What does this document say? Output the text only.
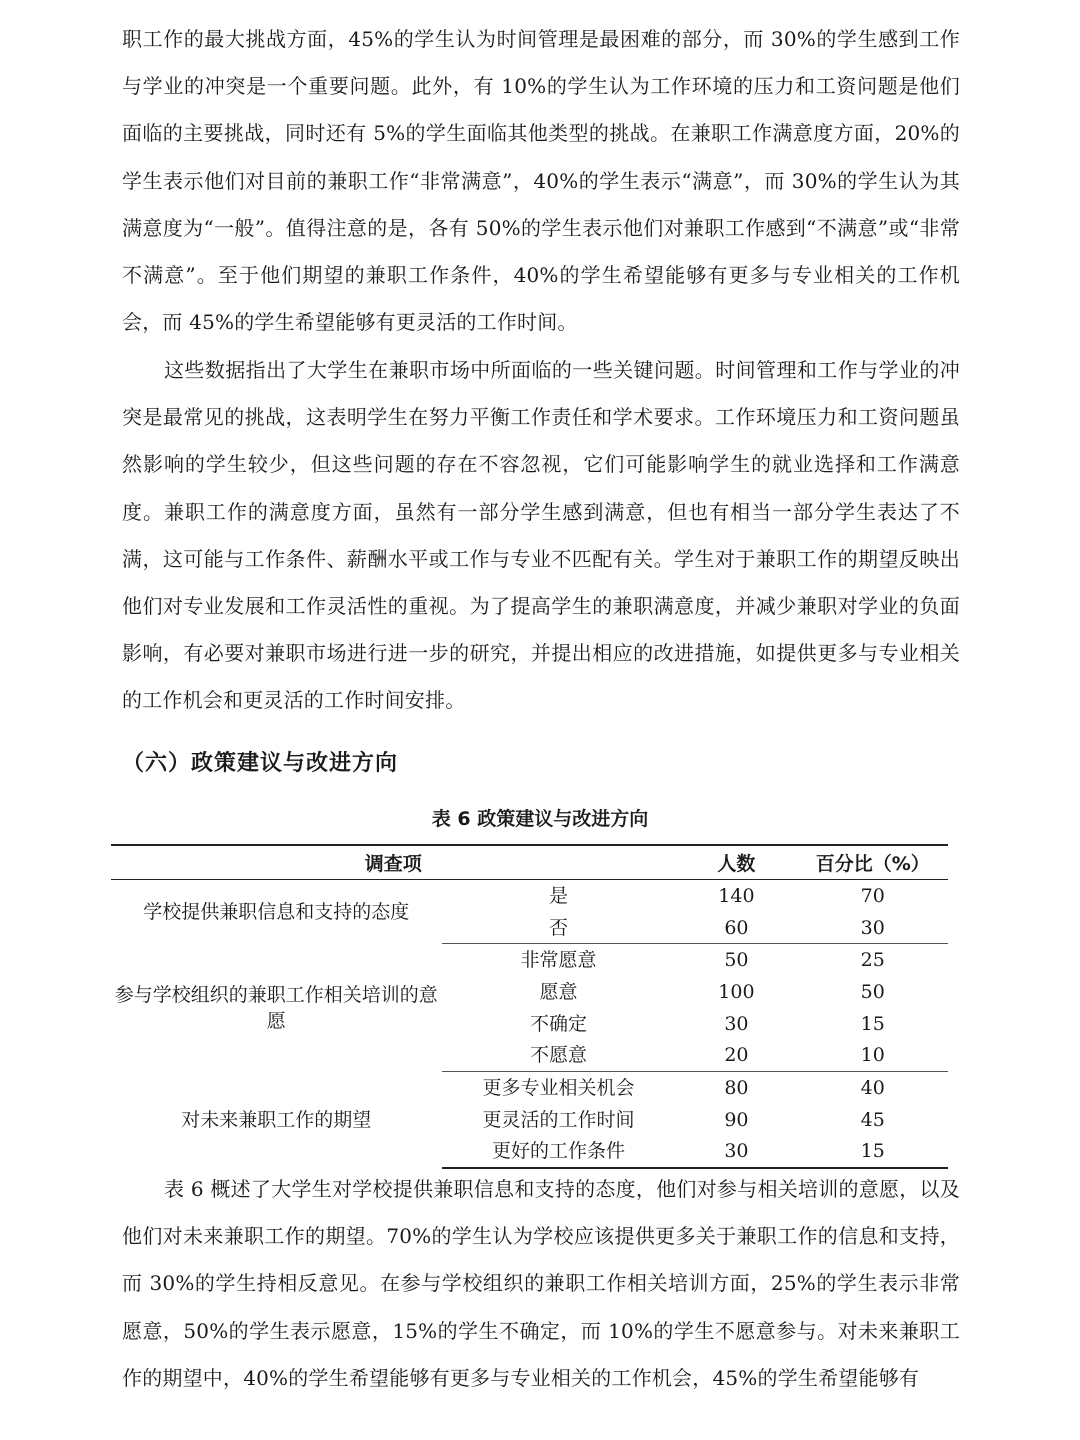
职工作的最大挑战方面，45%的学生认为时间管理是最困难的部分，而 30%的学生感到工作与学业的冲突是一个重要问题。此外，有 10%的学生认为工作环境的压力和工资问题是他们面临的主要挑战，同时还有 5%的学生面临其他类型的挑战。在兼职工作满意度方面，20%的学生表示他们对目前的兼职工作“非常满意”，40%的学生表示“满意”，而 30%的学生认为其满意度为“一般”。值得注意的是，各有 50%的学生表示他们对兼职工作感到“不满意”或“非常不满意”。至于他们期望的兼职工作条件，40%的学生希望能够有更多与专业相关的工作机会，而 45%的学生希望能够有更灵活的工作时间。

这些数据指出了大学生在兼职市场中所面临的一些关键问题。时间管理和工作与学业的冲突是最常见的挑战，这表明学生在努力平衡工作责任和学术要求。工作环境压力和工资问题虽然影响的学生较少，但这些问题的存在不容忽视，它们可能影响学生的就业选择和工作满意度。兼职工作的满意度方面，虽然有一部分学生感到满意，但也有相当一部分学生表达了不满，这可能与工作条件、薪酬水平或工作与专业不匹配有关。学生对于兼职工作的期望反映出他们对专业发展和工作灵活性的重视。为了提高学生的兼职满意度，并减少兼职对学业的负面影响，有必要对兼职市场进行进一步的研究，并提出相应的改进措施，如提供更多与专业相关的工作机会和更灵活的工作时间安排。

（六）政策建议与改进方向
表 6 政策建议与改进方向
调查项		人数	百分比（%）
学校提供兼职信息和支持的态度	是	140	70
	否	60	30
参与学校组织的兼职工作相关培训的意愿	非常愿意	50	25
	愿意	100	50
	不确定	30	15
	不愿意	20	10
对未来兼职工作的期望	更多专业相关机会	80	40
	更灵活的工作时间	90	45
	更好的工作条件	30	15

表 6 概述了大学生对学校提供兼职信息和支持的态度，他们对参与相关培训的意愿，以及他们对未来兼职工作的期望。70%的学生认为学校应该提供更多关于兼职工作的信息和支持，而 30%的学生持相反意见。在参与学校组织的兼职工作相关培训方面，25%的学生表示非常愿意，50%的学生表示愿意，15%的学生不确定，而 10%的学生不愿意参与。对未来兼职工作的期望中，40%的学生希望能够有更多与专业相关的工作机会，45%的学生希望能够有
